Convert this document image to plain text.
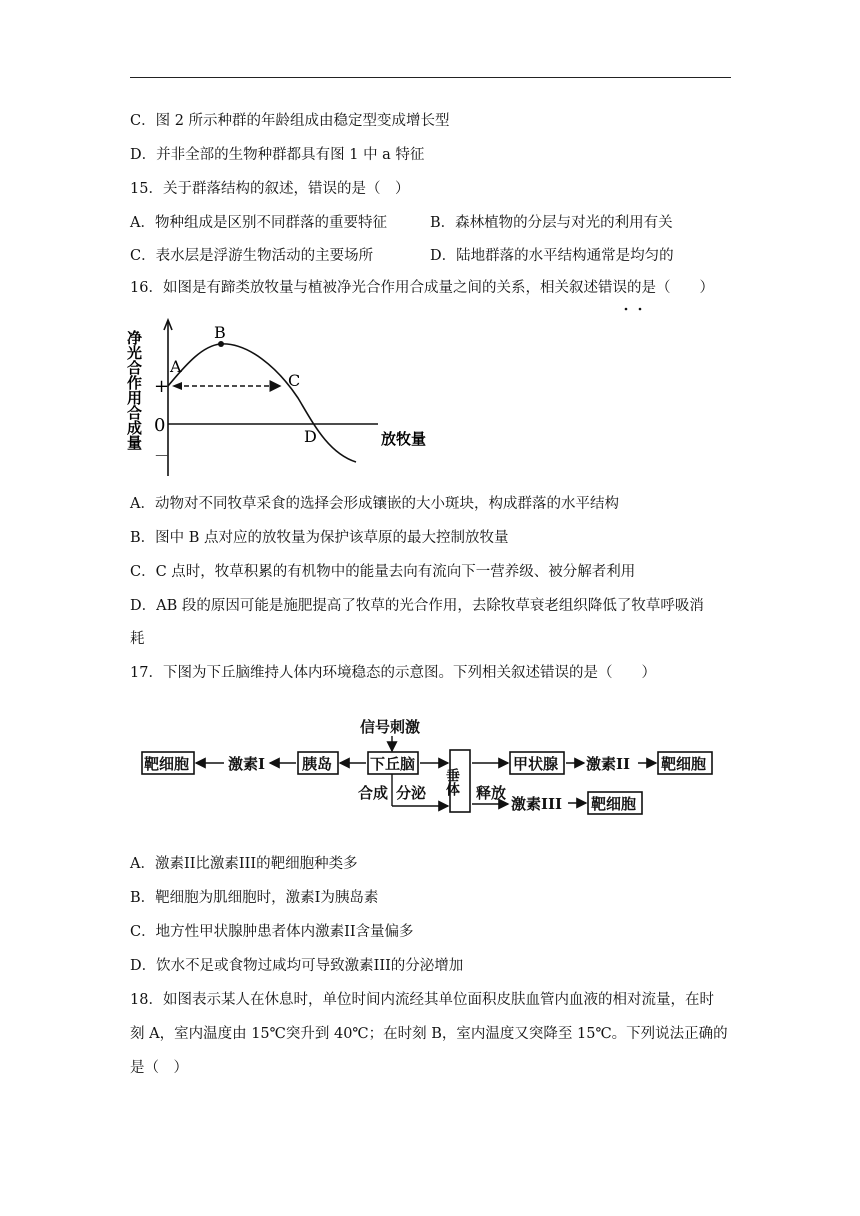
C．图 2 所示种群的年龄组成由稳定型变成增长型
D．并非全部的生物种群都具有图 1 中 a 特征
15．关于群落结构的叙述，错误的是（　）
A．物种组成是区别不同群落的重要特征	B．森林植物的分层与对光的利用有关
C．表水层是浮游生物活动的主要场所	D．陆地群落的水平结构通常是均匀的
16．如图是有蹄类放牧量与植被净光合作用合成量之间的关系，相关叙述错误的是（　　）
净光合作用合成量 +
0
－
放牧量
B
A
C
D
A．动物对不同牧草采食的选择会形成镶嵌的大小斑块，构成群落的水平结构
B．图中 B 点对应的放牧量为保护该草原的最大控制放牧量
C．C 点时，牧草积累的有机物中的能量去向有流向下一营养级、被分解者利用
D．AB 段的原因可能是施肥提高了牧草的光合作用，去除牧草衰老组织降低了牧草呼吸消
耗
17．下图为下丘脑维持人体内环境稳态的示意图。下列相关叙述错误的是（　　）
信号刺激
靶细胞	激素I 胰岛	下丘脑
垂体
甲状腺 激素II 靶细胞
合成 分泌	释放
激素III 靶细胞
A．激素II比激素III的靶细胞种类多
B．靶细胞为肌细胞时，激素I为胰岛素
C．地方性甲状腺肿患者体内激素II含量偏多
D．饮水不足或食物过咸均可导致激素III的分泌增加
18．如图表示某人在休息时，单位时间内流经其单位面积皮肤血管内血液的相对流量，在时
刻 A，室内温度由 15℃突升到 40℃；在时刻 B，室内温度又突降至 15℃。下列说法正确的
是（　）
